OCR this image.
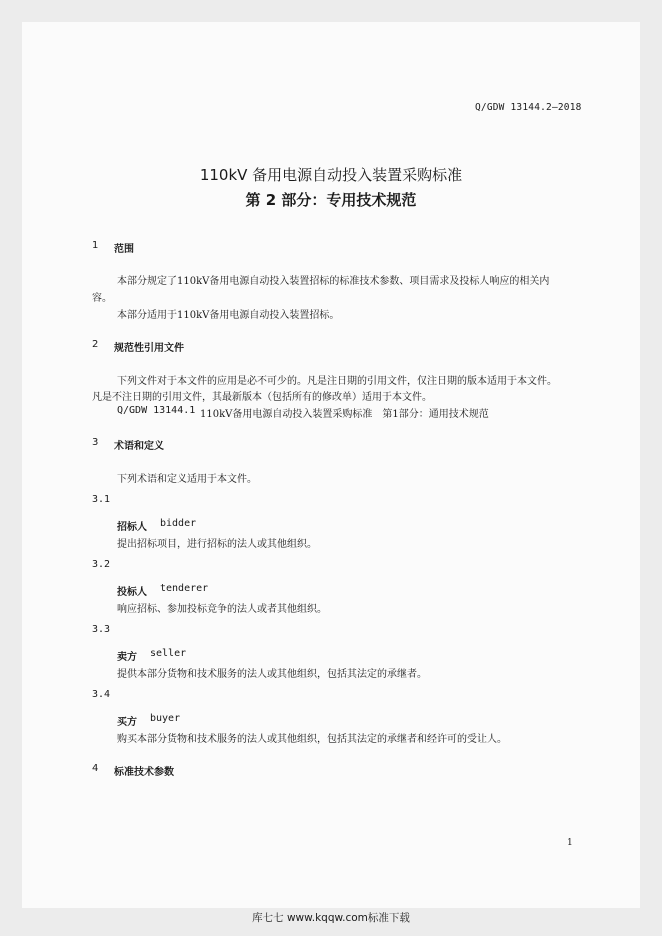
Q/GDW 13144.2—2018
110kV 备用电源自动投入装置采购标准
第 2 部分：专用技术规范
1 范围
本部分规定了110kV备用电源自动投入装置招标的标准技术参数、项目需求及投标人响应的相关内
容。
本部分适用于110kV备用电源自动投入装置招标。
2 规范性引用文件
下列文件对于本文件的应用是必不可少的。凡是注日期的引用文件，仅注日期的版本适用于本文件。
凡是不注日期的引用文件，其最新版本（包括所有的修改单）适用于本文件。
Q/GDW 13144.1 110kV备用电源自动投入装置采购标准　第1部分：通用技术规范
3 术语和定义
下列术语和定义适用于本文件。
3.1
招标人 bidder
提出招标项目，进行招标的法人或其他组织。
3.2
投标人 tenderer
响应招标、参加投标竞争的法人或者其他组织。
3.3
卖方 seller
提供本部分货物和技术服务的法人或其他组织，包括其法定的承继者。
3.4
买方 buyer
购买本部分货物和技术服务的法人或其他组织，包括其法定的承继者和经许可的受让人。
4 标准技术参数
1
库七七 www.kqqw.com标准下载
